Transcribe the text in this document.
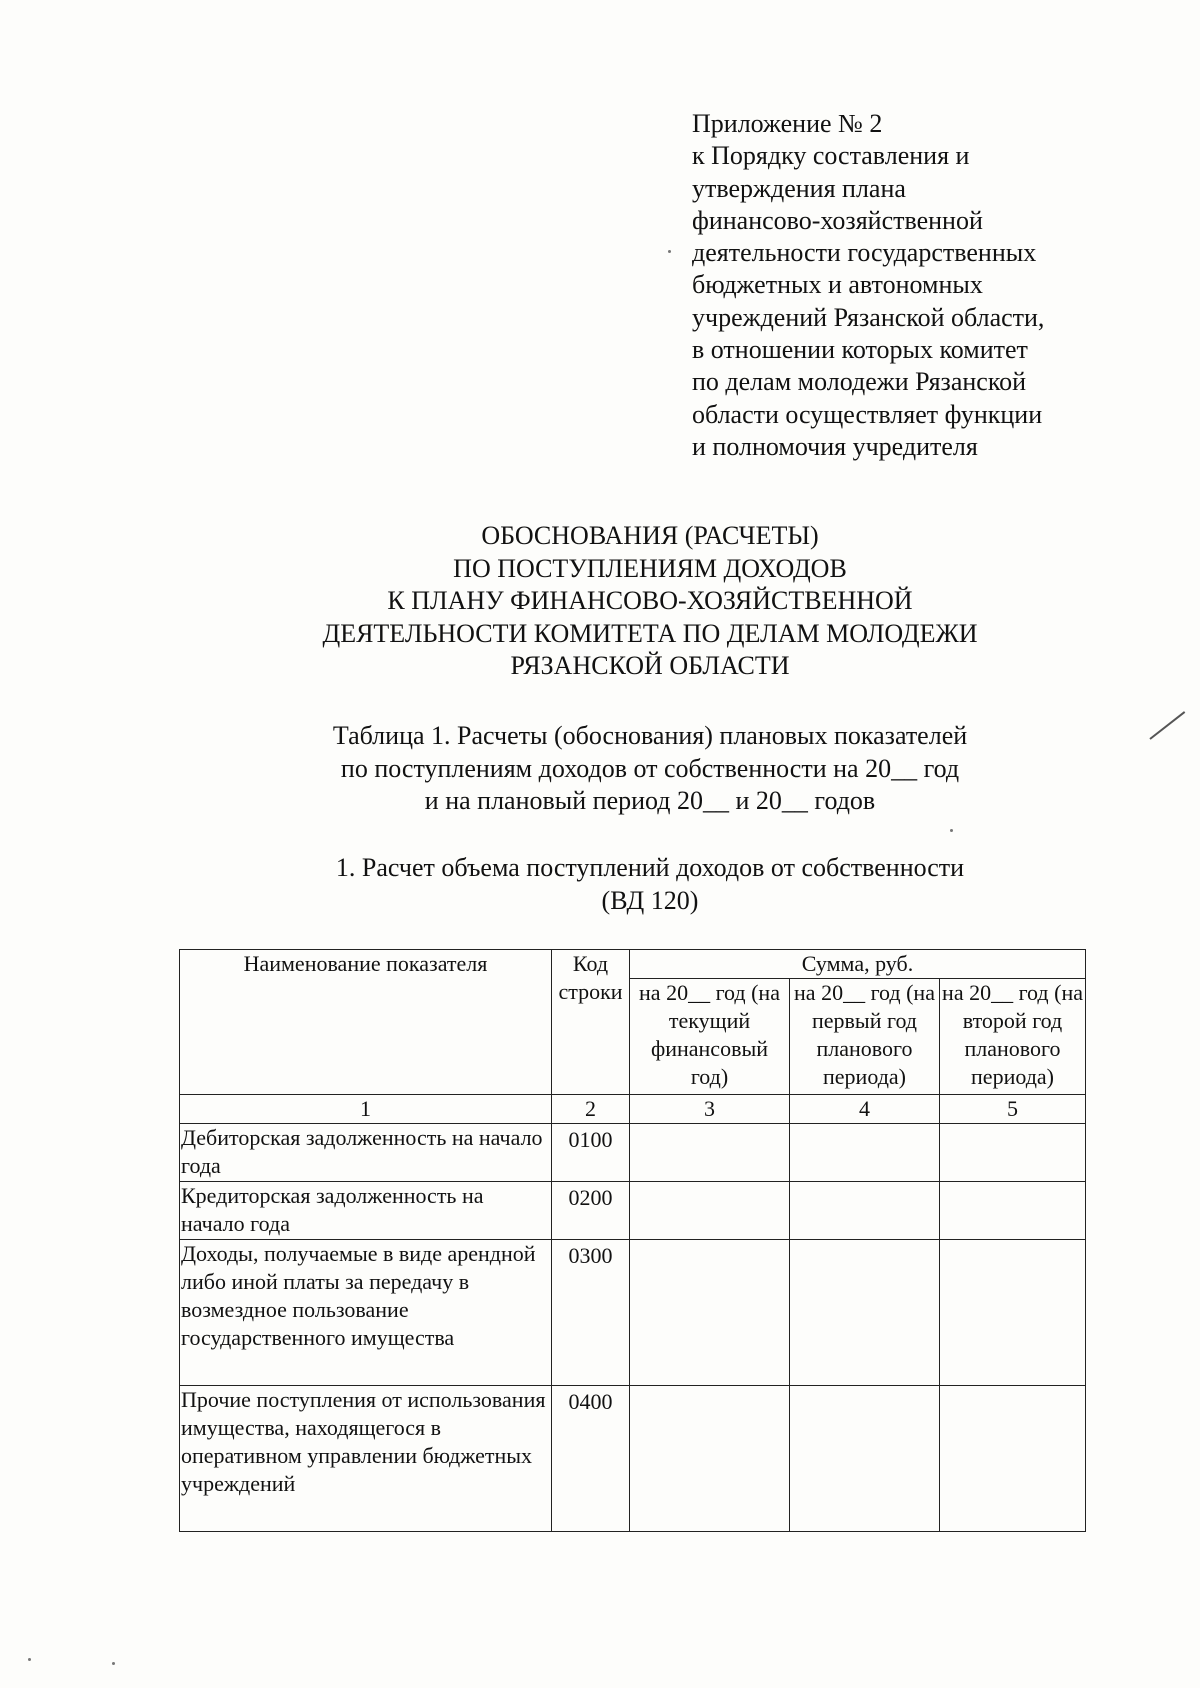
Приложение № 2
к Порядку составления и
утверждения плана
финансово-хозяйственной
деятельности государственных
бюджетных и автономных
учреждений Рязанской области,
в отношении которых комитет
по делам молодежи Рязанской
области осуществляет функции
и полномочия учредителя
ОБОСНОВАНИЯ (РАСЧЕТЫ)
ПО ПОСТУПЛЕНИЯМ ДОХОДОВ
К ПЛАНУ ФИНАНСОВО-ХОЗЯЙСТВЕННОЙ
ДЕЯТЕЛЬНОСТИ КОМИТЕТА ПО ДЕЛАМ МОЛОДЕЖИ
РЯЗАНСКОЙ ОБЛАСТИ
Таблица 1. Расчеты (обоснования) плановых показателей
по поступлениям доходов от собственности на 20__ год
и на плановый период 20__ и 20__ годов
1. Расчет объема поступлений доходов от собственности
(ВД 120)
Наименование показателя	Код строки	Сумма, руб.		
		на 20__ год (на текущий финансовый год)	на 20__ год (на первый год планового периода)	на 20__ год (на второй год планового периода)
1	2	3	4	5
Дебиторская задолженность на начало года	0100			
Кредиторская задолженность на начало года	0200			
Доходы, получаемые в виде арендной либо иной платы за передачу в возмездное пользование государственного имущества	0300			
Прочие поступления от использования имущества, находящегося в оперативном управлении бюджетных учреждений	0400			
